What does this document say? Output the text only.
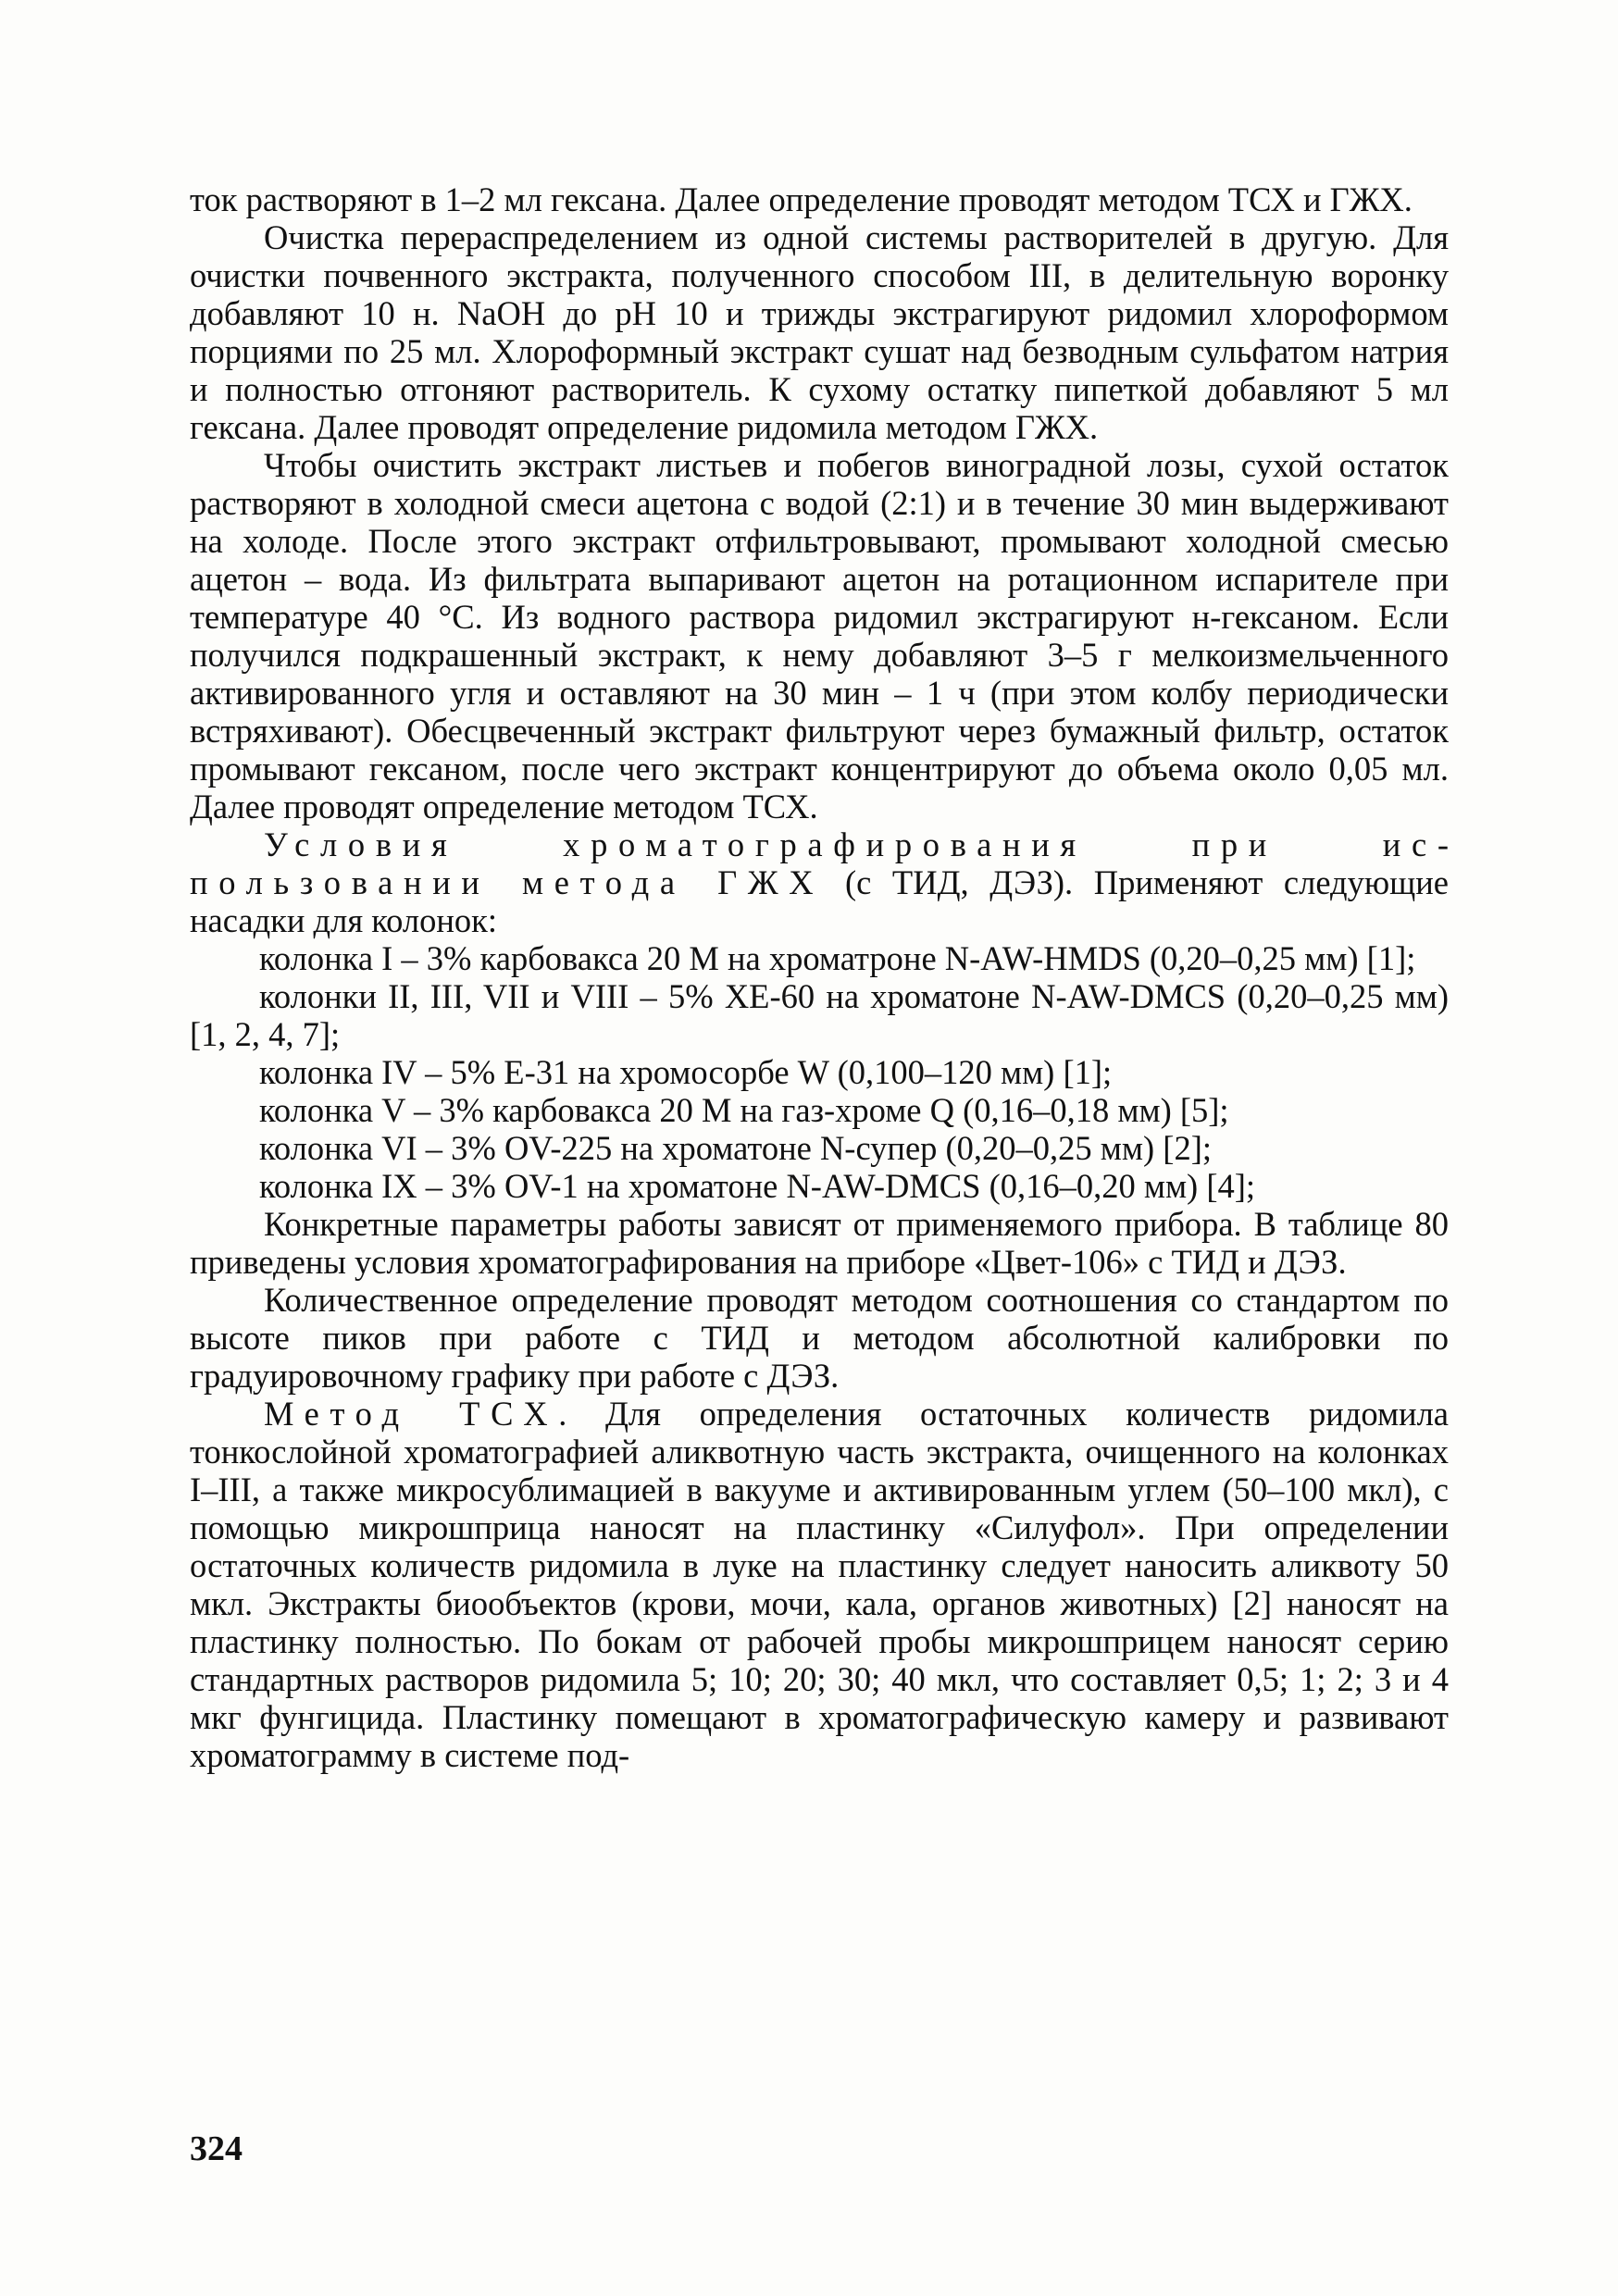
ток растворяют в 1–2 мл гексана. Далее определение проводят методом ТСХ и ГЖХ.

Очистка перераспределением из одной системы растворителей в другую. Для очистки почвенного экстракта, полученного способом III, в делительную воронку добавляют 10 н. NaOH до pH 10 и трижды экстрагируют ридомил хлороформом порциями по 25 мл. Хлороформный экстракт сушат над безводным сульфатом натрия и полностью отгоняют растворитель. К сухому остатку пипеткой добавляют 5 мл гексана. Далее проводят определение ридомила методом ГЖХ.

Чтобы очистить экстракт листьев и побегов виноградной лозы, сухой остаток растворяют в холодной смеси ацетона с водой (2:1) и в течение 30 мин выдерживают на холоде. После этого экстракт отфильтровывают, промывают холодной смесью ацетон – вода. Из фильтрата выпаривают ацетон на ротационном испарителе при температуре 40 °С. Из водного раствора ридомил экстрагируют н-гексаном. Если получился подкрашенный экстракт, к нему добавляют 3–5 г мелкоизмельченного активированного угля и оставляют на 30 мин – 1 ч (при этом колбу периодически встряхивают). Обесцвеченный экстракт фильтруют через бумажный фильтр, остаток промывают гексаном, после чего экстракт концентрируют до объема около 0,05 мл. Далее проводят определение методом ТСХ.

Условия хроматографирования при использовании метода ГЖХ (с ТИД, ДЭЗ). Применяют следующие насадки для колонок:

колонка I – 3% карбовакса 20 М на хроматроне N-AW-HMDS (0,20–0,25 мм) [1];

колонки II, III, VII и VIII – 5% XE-60 на хроматоне N-AW-DMCS (0,20–0,25 мм) [1, 2, 4, 7];

колонка IV – 5% E-31 на хромосорбе W (0,100–120 мм) [1];

колонка V – 3% карбовакса 20 М на газ-хроме Q (0,16–0,18 мм) [5];

колонка VI – 3% OV-225 на хроматоне N-супер (0,20–0,25 мм) [2];

колонка IX – 3% OV-1 на хроматоне N-AW-DMCS (0,16–0,20 мм) [4];

Конкретные параметры работы зависят от применяемого прибора. В таблице 80 приведены условия хроматографирования на приборе «Цвет-106» с ТИД и ДЭЗ.

Количественное определение проводят методом соотношения со стандартом по высоте пиков при работе с ТИД и методом абсолютной калибровки по градуировочному графику при работе с ДЭЗ.

Метод ТСХ. Для определения остаточных количеств ридомила тонкослойной хроматографией аликвотную часть экстракта, очищенного на колонках I–III, а также микросублимацией в вакууме и активированным углем (50–100 мкл), с помощью микрошприца наносят на пластинку «Силуфол». При определении остаточных количеств ридомила в луке на пластинку следует наносить аликвоту 50 мкл. Экстракты биообъектов (крови, мочи, кала, органов животных) [2] наносят на пластинку полностью. По бокам от рабочей пробы микрошприцем наносят серию стандартных растворов ридомила 5; 10; 20; 30; 40 мкл, что составляет 0,5; 1; 2; 3 и 4 мкг фунгицида. Пластинку помещают в хроматографическую камеру и развивают хроматограмму в системе под-

324
